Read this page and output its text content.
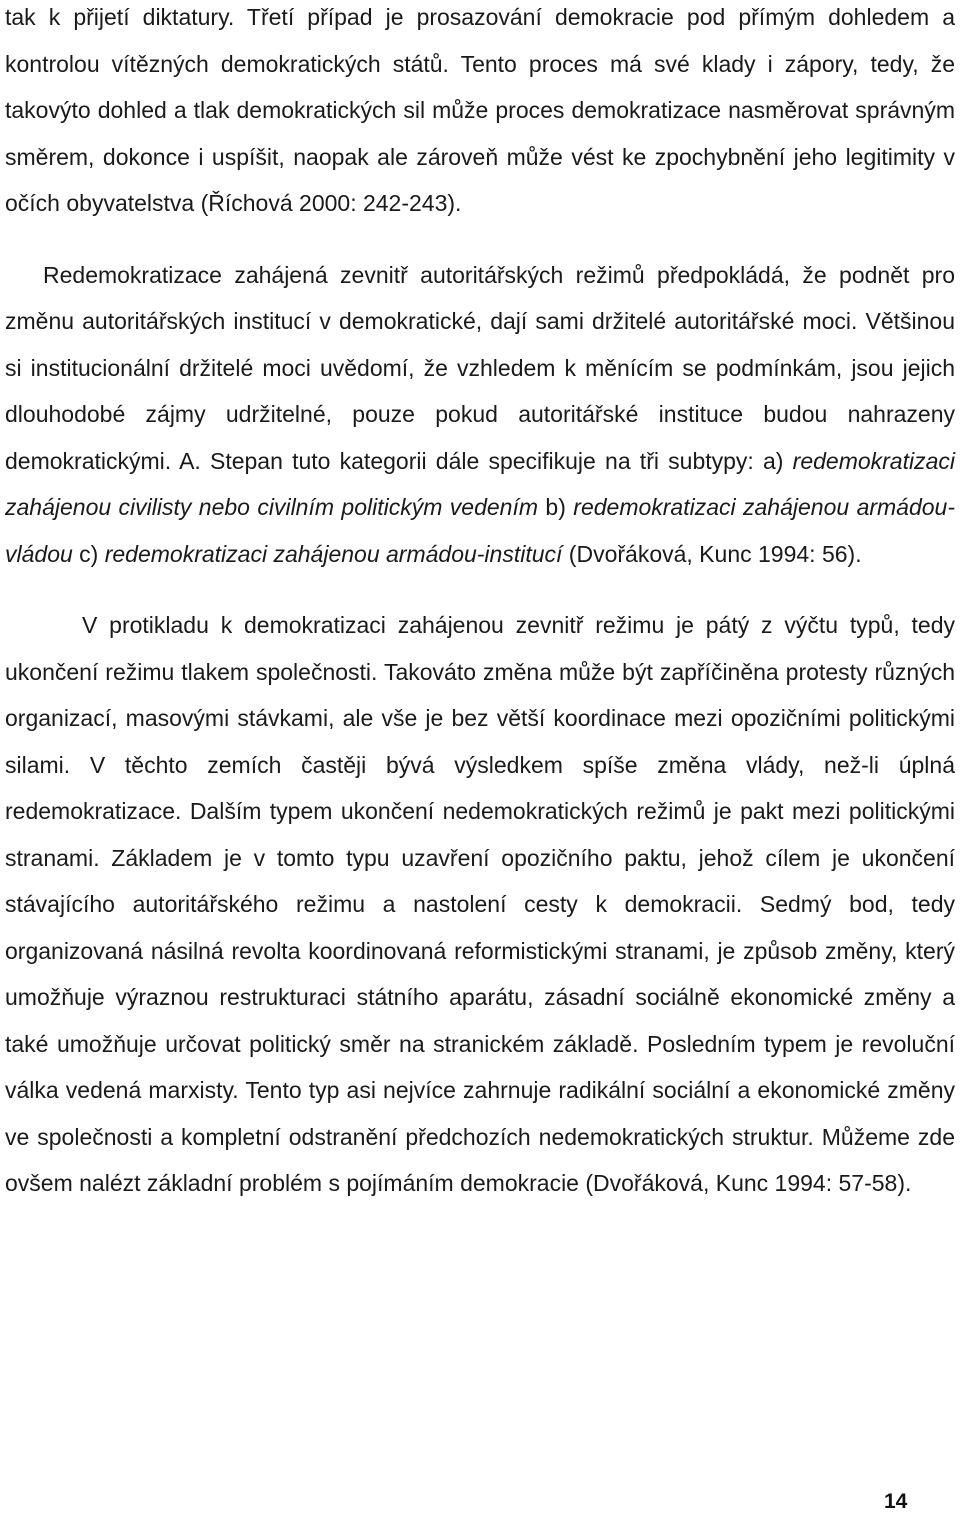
tak k přijetí diktatury. Třetí případ je prosazování demokracie pod přímým dohledem a kontrolou vítězných demokratických států. Tento proces má své klady i zápory, tedy, že takovýto dohled a tlak demokratických sil může proces demokratizace nasměrovat správným směrem, dokonce i uspíšit, naopak ale zároveň může vést ke zpochybnění jeho legitimity v očích obyvatelstva (Říchová 2000: 242-243).

Redemokratizace zahájená zevnitř autoritářských režimů předpokládá, že podnět pro změnu autoritářských institucí v demokratické, dají sami držitelé autoritářské moci. Většinou si institucionální držitelé moci uvědomí, že vzhledem k měnícím se podmínkám, jsou jejich dlouhodobé zájmy udržitelné, pouze pokud autoritářské instituce budou nahrazeny demokratickými. A. Stepan tuto kategorii dále specifikuje na tři subtypy: a) redemokratizaci zahájenou civilisty nebo civilním politickým vedením b) redemokratizaci zahájenou armádou-vládou c) redemokratizaci zahájenou armádou-institucí (Dvořáková, Kunc 1994: 56).

V protikladu k demokratizaci zahájenou zevnitř režimu je pátý z výčtu typů, tedy ukončení režimu tlakem společnosti. Takováto změna může být zapříčiněna protesty různých organizací, masovými stávkami, ale vše je bez větší koordinace mezi opozičními politickými silami. V těchto zemích častěji bývá výsledkem spíše změna vlády, než-li úplná redemokratizace. Dalším typem ukončení nedemokratických režimů je pakt mezi politickými stranami. Základem je v tomto typu uzavření opozičního paktu, jehož cílem je ukončení stávajícího autoritářského režimu a nastolení cesty k demokracii. Sedmý bod, tedy organizovaná násilná revolta koordinovaná reformistickými stranami, je způsob změny, který umožňuje výraznou restrukturaci státního aparátu, zásadní sociálně ekonomické změny a také umožňuje určovat politický směr na stranickém základě. Posledním typem je revoluční válka vedená marxisty. Tento typ asi nejvíce zahrnuje radikální sociální a ekonomické změny ve společnosti a kompletní odstranění předchozích nedemokratických struktur. Můžeme zde ovšem nalézt základní problém s pojímáním demokracie (Dvořáková, Kunc 1994: 57-58).

14
